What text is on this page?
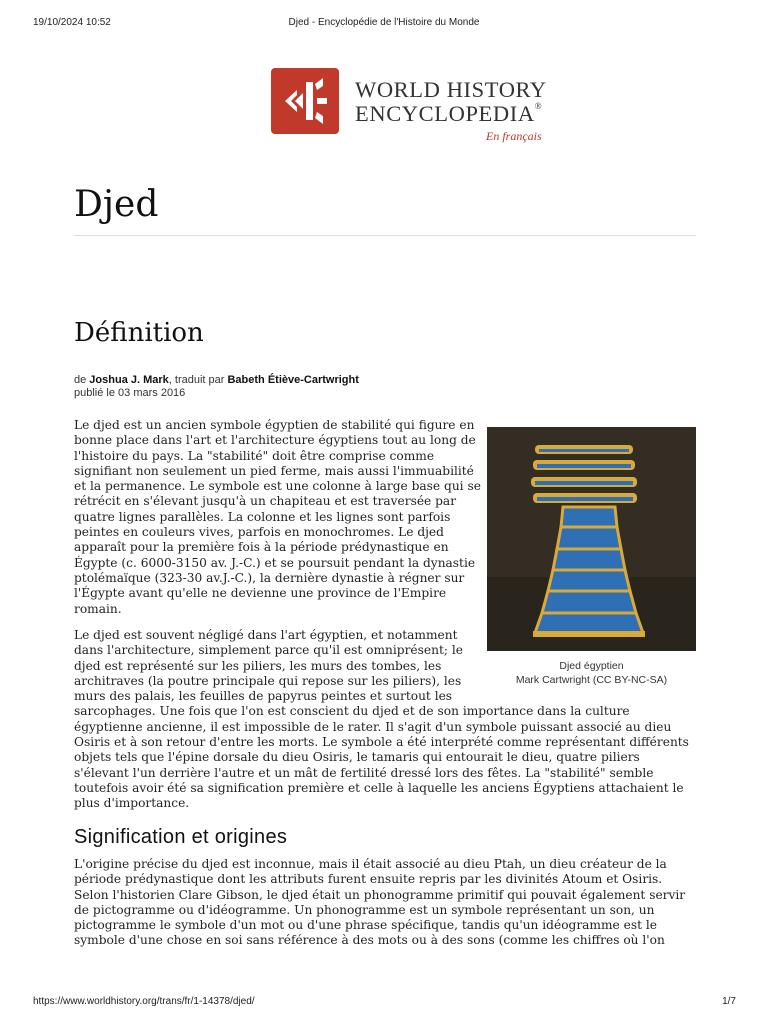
19/10/2024 10:52	Djed - Encyclopédie de l'Histoire du Monde
WORLD HISTORY
ENCYCLOPEDIA®
En français
Djed
Définition
de Joshua J. Mark, traduit par Babeth Étiève-Cartwright
publié le 03 mars 2016

Le djed est un ancien symbole égyptien de stabilité qui figure en bonne place dans l'art et l'architecture égyptiens tout au long de l'histoire du pays. La "stabilité" doit être comprise comme signifiant non seulement un pied ferme, mais aussi l'immuabilité et la permanence. Le symbole est une colonne à large base qui se rétrécit en s'élevant jusqu'à un chapiteau et est traversée par quatre lignes parallèles. La colonne et les lignes sont parfois peintes en couleurs vives, parfois en monochromes. Le djed apparaît pour la première fois à la période prédynastique en Égypte (c. 6000-3150 av. J.-C.) et se poursuit pendant la dynastie ptolémaïque (323-30 av.J.-C.), la dernière dynastie à régner sur l'Égypte avant qu'elle ne devienne une province de l'Empire romain.

Djed égyptien
Mark Cartwright (CC BY-NC-SA)
Le djed est souvent négligé dans l'art égyptien, et notamment dans l'architecture, simplement parce qu'il est omniprésent; le djed est représenté sur les piliers, les murs des tombes, les architraves (la poutre principale qui repose sur les piliers), les murs des palais, les feuilles de papyrus peintes et surtout les
sarcophages. Une fois que l'on est conscient du djed et de son importance dans la culture égyptienne ancienne, il est impossible de le rater. Il s'agit d'un symbole puissant associé au dieu Osiris et à son retour d'entre les morts. Le symbole a été interprété comme représentant différents objets tels que l'épine dorsale du dieu Osiris, le tamaris qui entourait le dieu, quatre piliers s'élevant l'un derrière l'autre et un mât de fertilité dressé lors des fêtes. La "stabilité" semble toutefois avoir été sa signification première et celle à laquelle les anciens Égyptiens attachaient le plus d'importance.
Signification et origines

L'origine précise du djed est inconnue, mais il était associé au dieu Ptah, un dieu créateur de la période prédynastique dont les attributs furent ensuite repris par les divinités Atoum et Osiris. Selon l'historien Clare Gibson, le djed était un phonogramme primitif qui pouvait également servir de pictogramme ou d'idéogramme. Un phonogramme est un symbole représentant un son, un pictogramme le symbole d'un mot ou d'une phrase spécifique, tandis qu'un idéogramme est le symbole d'une chose en soi sans référence à des mots ou à des sons (comme les chiffres où l'on

https://www.worldhistory.org/trans/fr/1-14378/djed/	1/7
